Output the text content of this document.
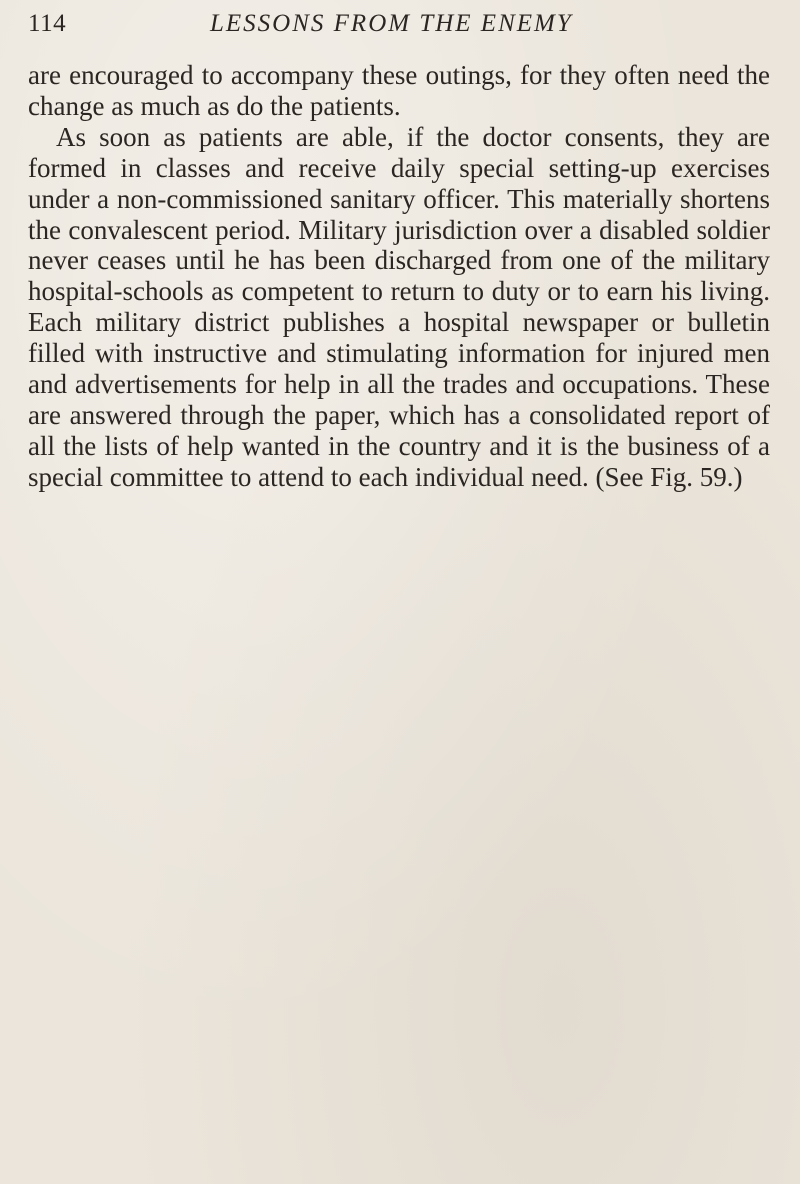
114	LESSONS FROM THE ENEMY

are encouraged to accompany these outings, for they often need the change as much as do the patients.

As soon as patients are able, if the doctor consents, they are formed in classes and receive daily special setting-up exercises under a non-commissioned sanitary officer. This materially shortens the convalescent period. Military jurisdiction over a disabled soldier never ceases until he has been discharged from one of the military hospital-schools as competent to return to duty or to earn his living. Each military district publishes a hospital newspaper or bulletin filled with instructive and stimulating information for injured men and advertisements for help in all the trades and occupations. These are answered through the paper, which has a consolidated report of all the lists of help wanted in the country and it is the business of a special committee to attend to each individual need. (See Fig. 59.)
